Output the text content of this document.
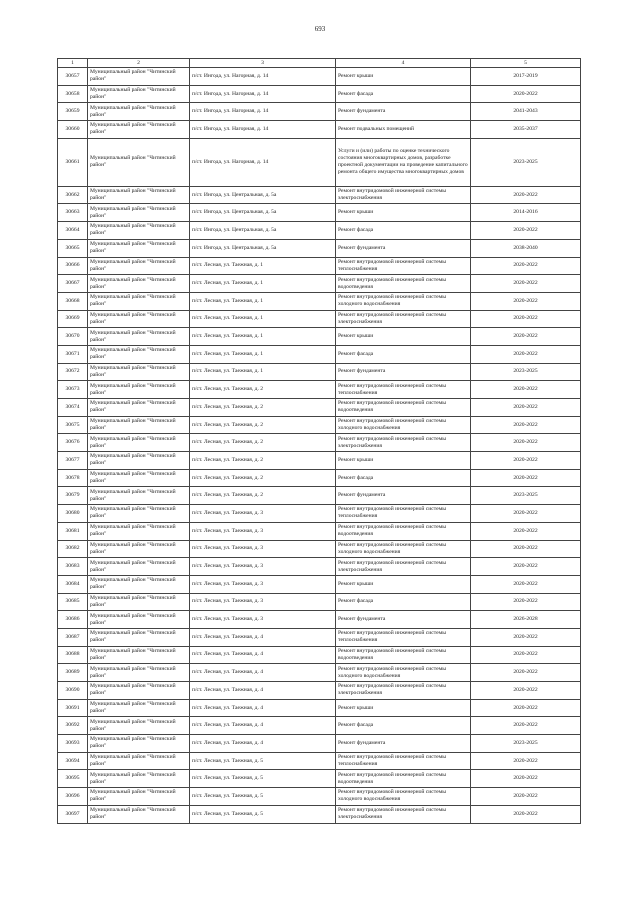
693
1	2	3	4	5
30657	Муниципальный район "Читинский район"	п/ст. Ингода, ул. Нагорная, д. 14	Ремонт крыши	2017-2019
30658	Муниципальный район "Читинский район"	п/ст. Ингода, ул. Нагорная, д. 14	Ремонт фасада	2020-2022
30659	Муниципальный район "Читинский район"	п/ст. Ингода, ул. Нагорная, д. 14	Ремонт фундамента	2041-2043
30660	Муниципальный район "Читинский район"	п/ст. Ингода, ул. Нагорная, д. 14	Ремонт подвальных помещений	2035-2037
30661	Муниципальный район "Читинский район"	п/ст. Ингода, ул. Нагорная, д. 14	Услуги и (или) работы по оценке технического состояния многоквартирных домов, разработке проектной документации на проведение капитального ремонта общего имущества многоквартирных домов	2023-2025
30662	Муниципальный район "Читинский район"	п/ст. Ингода, ул. Центральная, д. 5а	Ремонт внутридомовой инженерной системы электроснабжения	2020-2022
30663	Муниципальный район "Читинский район"	п/ст. Ингода, ул. Центральная, д. 5а	Ремонт крыши	2014-2016
30664	Муниципальный район "Читинский район"	п/ст. Ингода, ул. Центральная, д. 5а	Ремонт фасада	2020-2022
30665	Муниципальный район "Читинский район"	п/ст. Ингода, ул. Центральная, д. 5а	Ремонт фундамента	2038-2040
30666	Муниципальный район "Читинский район"	п/ст. Лесная, ул. Таежная, д. 1	Ремонт внутридомовой инженерной системы теплоснабжения	2020-2022
30667	Муниципальный район "Читинский район"	п/ст. Лесная, ул. Таежная, д. 1	Ремонт внутридомовой инженерной системы водоотведения	2020-2022
30668	Муниципальный район "Читинский район"	п/ст. Лесная, ул. Таежная, д. 1	Ремонт внутридомовой инженерной системы холодного водоснабжения	2020-2022
30669	Муниципальный район "Читинский район"	п/ст. Лесная, ул. Таежная, д. 1	Ремонт внутридомовой инженерной системы электроснабжения	2020-2022
30670	Муниципальный район "Читинский район"	п/ст. Лесная, ул. Таежная, д. 1	Ремонт крыши	2020-2022
30671	Муниципальный район "Читинский район"	п/ст. Лесная, ул. Таежная, д. 1	Ремонт фасада	2020-2022
30672	Муниципальный район "Читинский район"	п/ст. Лесная, ул. Таежная, д. 1	Ремонт фундамента	2023-2025
30673	Муниципальный район "Читинский район"	п/ст. Лесная, ул. Таежная, д. 2	Ремонт внутридомовой инженерной системы теплоснабжения	2020-2022
30674	Муниципальный район "Читинский район"	п/ст. Лесная, ул. Таежная, д. 2	Ремонт внутридомовой инженерной системы водоотведения	2020-2022
30675	Муниципальный район "Читинский район"	п/ст. Лесная, ул. Таежная, д. 2	Ремонт внутридомовой инженерной системы холодного водоснабжения	2020-2022
30676	Муниципальный район "Читинский район"	п/ст. Лесная, ул. Таежная, д. 2	Ремонт внутридомовой инженерной системы электроснабжения	2020-2022
30677	Муниципальный район "Читинский район"	п/ст. Лесная, ул. Таежная, д. 2	Ремонт крыши	2020-2022
30678	Муниципальный район "Читинский район"	п/ст. Лесная, ул. Таежная, д. 2	Ремонт фасада	2020-2022
30679	Муниципальный район "Читинский район"	п/ст. Лесная, ул. Таежная, д. 2	Ремонт фундамента	2023-2025
30680	Муниципальный район "Читинский район"	п/ст. Лесная, ул. Таежная, д. 3	Ремонт внутридомовой инженерной системы теплоснабжения	2020-2022
30681	Муниципальный район "Читинский район"	п/ст. Лесная, ул. Таежная, д. 3	Ремонт внутридомовой инженерной системы водоотведения	2020-2022
30682	Муниципальный район "Читинский район"	п/ст. Лесная, ул. Таежная, д. 3	Ремонт внутридомовой инженерной системы холодного водоснабжения	2020-2022
30683	Муниципальный район "Читинский район"	п/ст. Лесная, ул. Таежная, д. 3	Ремонт внутридомовой инженерной системы электроснабжения	2020-2022
30684	Муниципальный район "Читинский район"	п/ст. Лесная, ул. Таежная, д. 3	Ремонт крыши	2020-2022
30685	Муниципальный район "Читинский район"	п/ст. Лесная, ул. Таежная, д. 3	Ремонт фасада	2020-2022
30686	Муниципальный район "Читинский район"	п/ст. Лесная, ул. Таежная, д. 3	Ремонт фундамента	2026-2028
30687	Муниципальный район "Читинский район"	п/ст. Лесная, ул. Таежная, д. 4	Ремонт внутридомовой инженерной системы теплоснабжения	2020-2022
30688	Муниципальный район "Читинский район"	п/ст. Лесная, ул. Таежная, д. 4	Ремонт внутридомовой инженерной системы водоотведения	2020-2022
30689	Муниципальный район "Читинский район"	п/ст. Лесная, ул. Таежная, д. 4	Ремонт внутридомовой инженерной системы холодного водоснабжения	2020-2022
30690	Муниципальный район "Читинский район"	п/ст. Лесная, ул. Таежная, д. 4	Ремонт внутридомовой инженерной системы электроснабжения	2020-2022
30691	Муниципальный район "Читинский район"	п/ст. Лесная, ул. Таежная, д. 4	Ремонт крыши	2020-2022
30692	Муниципальный район "Читинский район"	п/ст. Лесная, ул. Таежная, д. 4	Ремонт фасада	2020-2022
30693	Муниципальный район "Читинский район"	п/ст. Лесная, ул. Таежная, д. 4	Ремонт фундамента	2023-2025
30694	Муниципальный район "Читинский район"	п/ст. Лесная, ул. Таежная, д. 5	Ремонт внутридомовой инженерной системы теплоснабжения	2020-2022
30695	Муниципальный район "Читинский район"	п/ст. Лесная, ул. Таежная, д. 5	Ремонт внутридомовой инженерной системы водоотведения	2020-2022
30696	Муниципальный район "Читинский район"	п/ст. Лесная, ул. Таежная, д. 5	Ремонт внутридомовой инженерной системы холодного водоснабжения	2020-2022
30697	Муниципальный район "Читинский район"	п/ст. Лесная, ул. Таежная, д. 5	Ремонт внутридомовой инженерной системы электроснабжения	2020-2022
